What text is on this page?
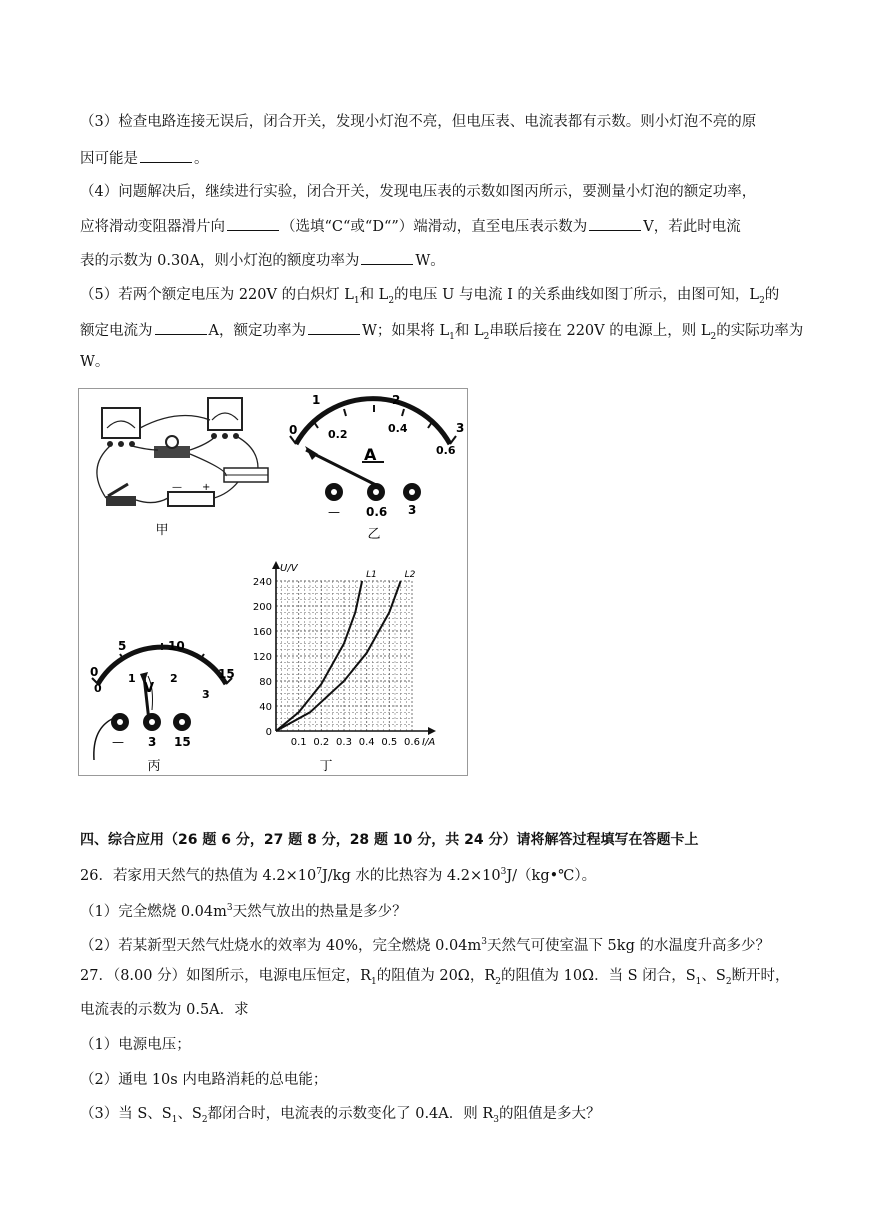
（3）检查电路连接无误后，闭合开关，发现小灯泡不亮，但电压表、电流表都有示数。则小灯泡不亮的原
因可能是	。
（4）问题解决后，继续进行实验，闭合开关，发现电压表的示数如图丙所示，要测量小灯泡的额定功率，
应将滑动变阻器滑片向	（选填“C“或“D“”）端滑动，直至电压表示数为	V，若此时电流
表的示数为 0.30A，则小灯泡的额度功率为	W。
（5）若两个额定电压为 220V 的白炽灯 $L_1$和 $L_2$的电压 U 与电流 I 的关系曲线如图丁所示，由图可知，$L_2$的
额定电流为	A，额定功率为	W；如果将 $L_1$和 $L_2$串联后接在 220V 的电源上，则 $L_2$的实际功率为
W。
— +
甲
0
1	2
3
0.2	0.4
0.6
A
— 0.6 3
乙
0
5	10
15
0
1	2
3
V
— 3 15
丙
0
40
80
120
160
200
240
0.1 0.2 0.3 0.4 0.5 0.6
U/V
I/A
L1	L2
丁
四、综合应用（26 题 6 分，27 题 8 分，28 题 10 分，共 24 分）请将解答过程填写在答题卡上
26．若家用天然气的热值为 $4.2\times 10^7J/kg$ 水的比热容为 $4.2\times 10^3J/(kg•℃)$。
（1）完全燃烧 $0.04m^3$天然气放出的热量是多少？
（2）若某新型天然气灶烧水的效率为 40%，完全燃烧 $0.04m^3$天然气可使室温下 5kg 的水温度升高多少？
27．（8.00 分）如图所示，电源电压恒定，$R_1$的阻值为 20Ω，$R_2$的阻值为 10Ω．当 S 闭合，$S_1$、$S_2$断开时，
电流表的示数为 0.5A．求
（1）电源电压；
（2）通电 10s 内电路消耗的总电能；
（3）当 S、$S_1$、$S_2$都闭合时，电流表的示数变化了 0.4A．则 $R_3$的阻值是多大？
